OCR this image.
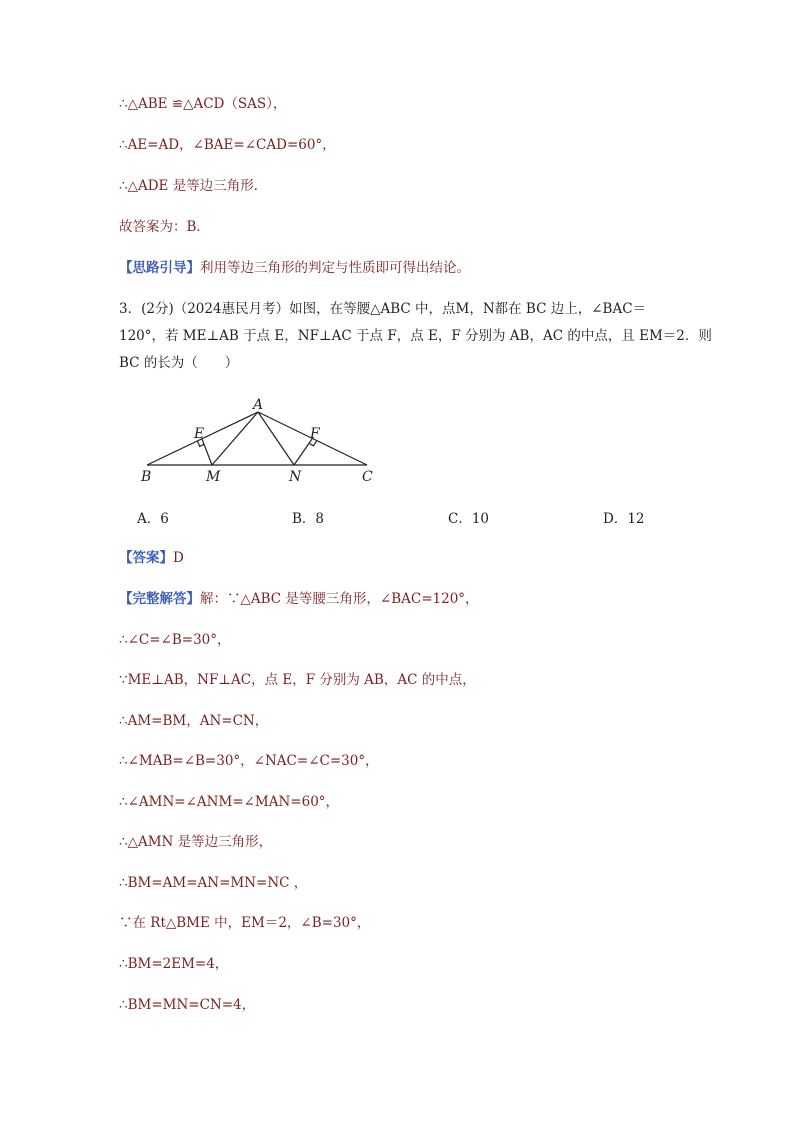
∴△ABE ≌△ACD（SAS），
∴AE=AD，∠BAE=∠CAD=60°，
∴△ADE 是等边三角形．
故答案为：B．
【思路引导】利用等边三角形的判定与性质即可得出结论。
3．(2分)（2024惠民月考）如图，在等腰△ABC 中，点M，N都在 BC 边上，∠BAC＝
120°，若 ME⊥AB 于点 E，NF⊥AC 于点 F，点 E，F 分别为 AB，AC 的中点，且 EM＝2．则
BC 的长为（　　）
A
B	C
E	F
M	N
A．6	B．8	C．10	D．12
【答案】D
【完整解答】解：∵△ABC 是等腰三角形，∠BAC=120°，
∴∠C=∠B=30°，
∵ME⊥AB，NF⊥AC，点 E，F 分别为 AB，AC 的中点，
∴AM=BM，AN=CN，
∴∠MAB=∠B=30°，∠NAC=∠C=30°，
∴∠AMN=∠ANM=∠MAN=60°，
∴△AMN 是等边三角形，
∴BM=AM=AN=MN=NC ，
∵在 Rt△BME 中，EM＝2，∠B=30°，
∴BM=2EM=4，
∴BM=MN=CN=4，
